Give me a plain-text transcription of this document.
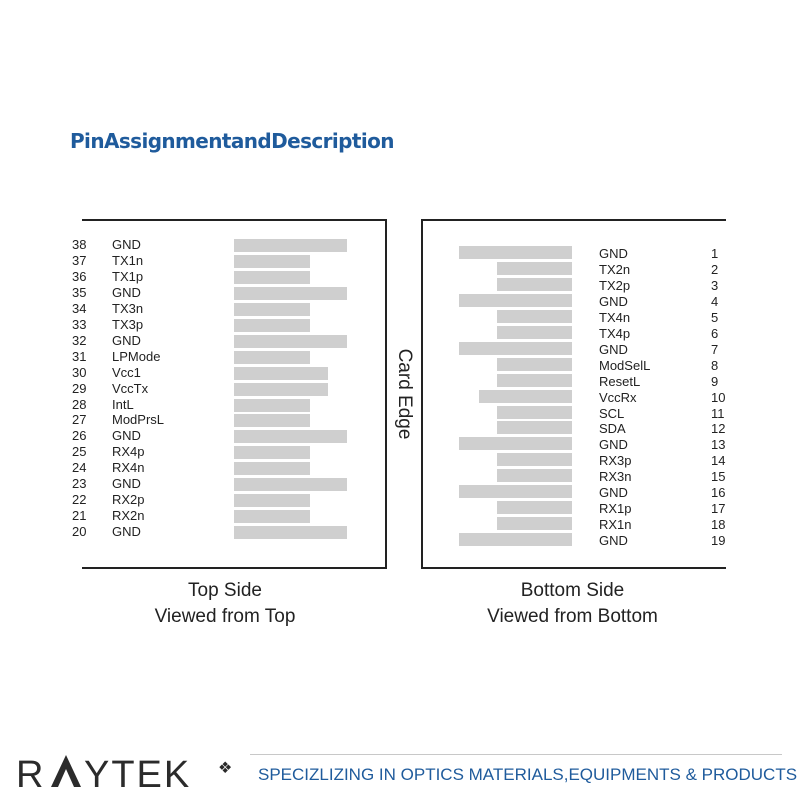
PinAssignmentandDescription
38 GND
37 TX1n
36 TX1p
35 GND
34 TX3n
33 TX3p
32 GND
31 LPMode
30 Vcc1
29 VccTx
28 IntL
27 ModPrsL
26 GND
25 RX4p
24 RX4n
23 GND
22 RX2p
21 RX2n
20 GND
GND	1
TX2n	2
TX2p	3
GND	4
TX4n	5
TX4p	6
GND	7
ModSelL	8
ResetL	9
VccRx	10
SCL	11
SDA	12
GND	13
RX3p	14
RX3n	15
GND	16
RX1p	17
RX1n	18
GND	19
Card Edge
Top Side
Viewed from Top
Bottom Side
Viewed from Bottom
R YTEK ❖ SPECIZLIZING IN OPTICS MATERIALS,EQUIPMENTS & PRODUCTS
